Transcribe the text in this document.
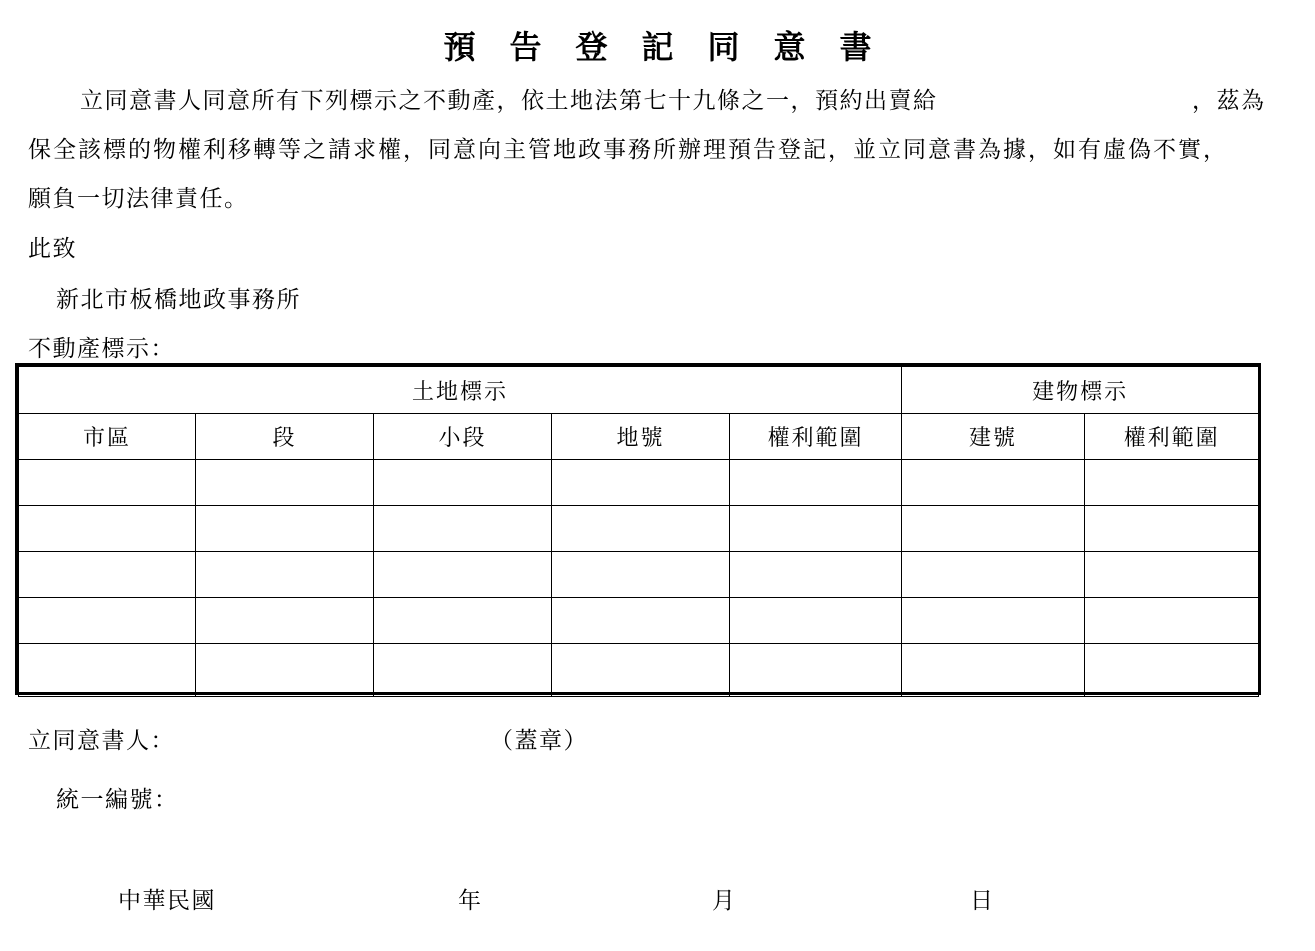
預告登記同意書
立同意書人同意所有下列標示之不動產，依土地法第七十九條之一，預約出賣給	，茲為
保全該標的物權利移轉等之請求權，同意向主管地政事務所辦理預告登記，並立同意書為據，如有虛偽不實，
願負一切法律責任。
此致
新北市板橋地政事務所
不動產標示：
土地標示					建物標示	
市區	段	小段	地號	權利範圍	建號	權利範圍

立同意書人：	（蓋章）
統一編號：
中華民國	年	月	日
